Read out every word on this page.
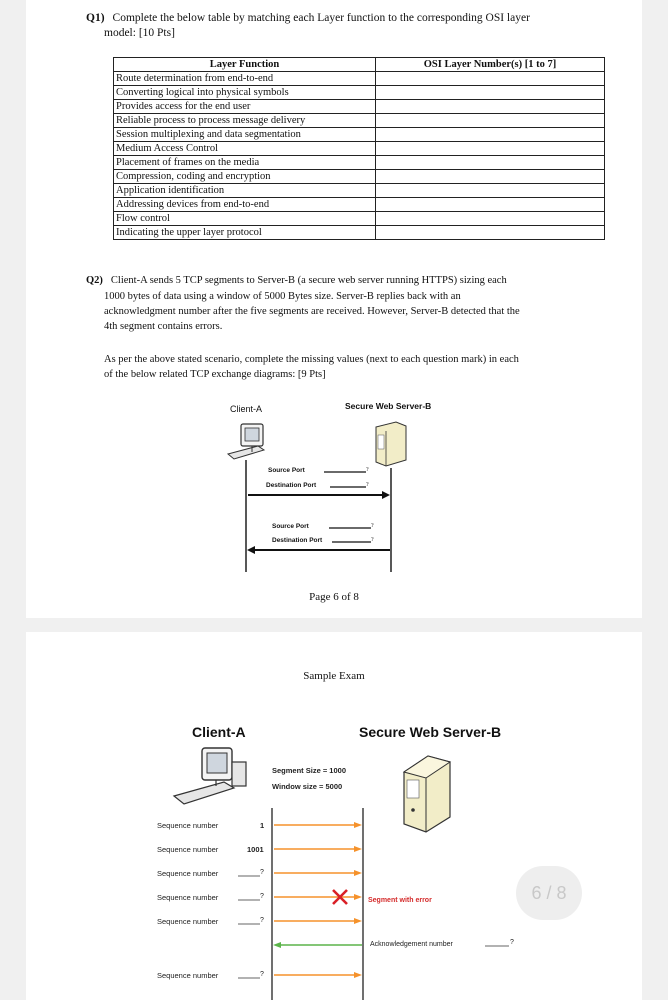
Q1) Complete the below table by matching each Layer function to the corresponding OSI layer
model: [10 Pts]
Layer Function	OSI Layer Number(s) [1 to 7]
Route determination from end-to-end	
Converting logical into physical symbols	
Provides access for the end user	
Reliable process to process message delivery	
Session multiplexing and data segmentation	
Medium Access Control	
Placement of frames on the media	
Compression, coding and encryption	
Application identification	
Addressing devices from end-to-end	
Flow control	
Indicating the upper layer protocol	
Q2) Client-A sends 5 TCP segments to Server-B (a secure web server running HTTPS) sizing each
1000 bytes of data using a window of 5000 Bytes size. Server-B replies back with an
acknowledgment number after the five segments are received. However, Server-B detected that the
4th segment contains errors.
As per the above stated scenario, complete the missing values (next to each question mark) in each
of the below related TCP exchange diagrams: [9 Pts]
Client-A	Secure Web Server-B
Source Port	?
Destination Port	?
Source Port	?
Destination Port	?
Page 6 of 8
Sample Exam
Client-A	Secure Web Server-B
Segment Size = 1000
Window size = 5000
Sequence number	1
Sequence number	1001
Sequence number	?
Sequence number	?
Segment with error
Sequence number	?
Acknowledgement number	?
Sequence number	?
6 / 8
